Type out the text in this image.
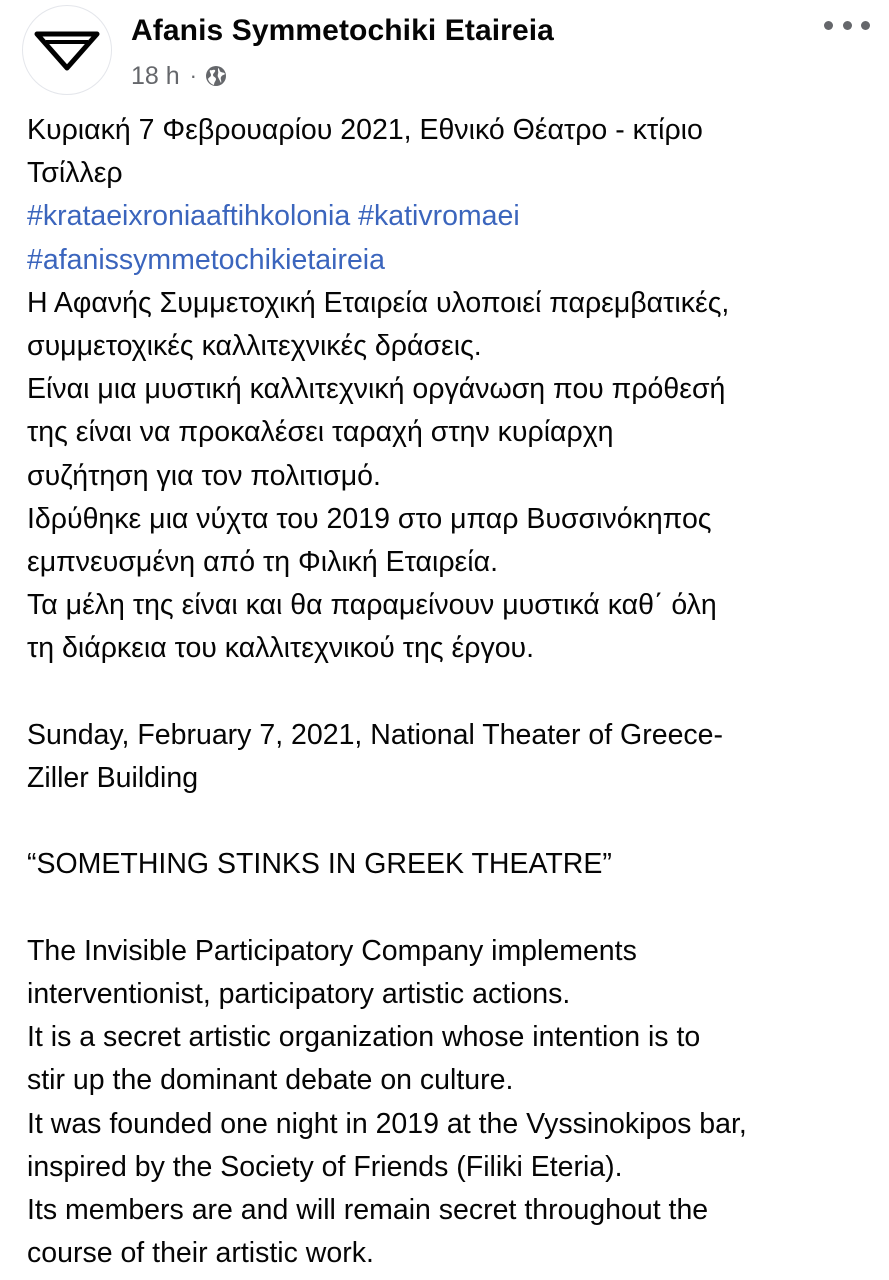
Afanis Symmetochiki Etaireia
18 h ·

Κυριακή 7 Φεβρουαρίου 2021, Εθνικό Θέατρο - κτίριο

Τσίλλερ

#krataeixroniaaftihkolonia #kativromaei

#afanissymmetochikietaireia

Η Αφανής Συμμετοχική Εταιρεία υλοποιεί παρεμβατικές,

συμμετοχικές καλλιτεχνικές δράσεις.

Είναι μια μυστική καλλιτεχνική οργάνωση που πρόθεσή

της είναι να προκαλέσει ταραχή στην κυρίαρχη

συζήτηση για τον πολιτισμό.

Ιδρύθηκε μια νύχτα του 2019 στο μπαρ Βυσσινόκηπος

εμπνευσμένη από τη Φιλική Εταιρεία.

Τα μέλη της είναι και θα παραμείνουν μυστικά καθ΄ όλη

τη διάρκεια του καλλιτεχνικού της έργου.

Sunday, February 7, 2021, National Theater of Greece-

Ziller Building

“SOMETHING STINKS IN GREEK THEATRE”

The Invisible Participatory Company implements

interventionist, participatory artistic actions.

It is a secret artistic organization whose intention is to

stir up the dominant debate on culture.

It was founded one night in 2019 at the Vyssinokipos bar,

inspired by the Society of Friends (Filiki Eteria).

Its members are and will remain secret throughout the

course of their artistic work.
